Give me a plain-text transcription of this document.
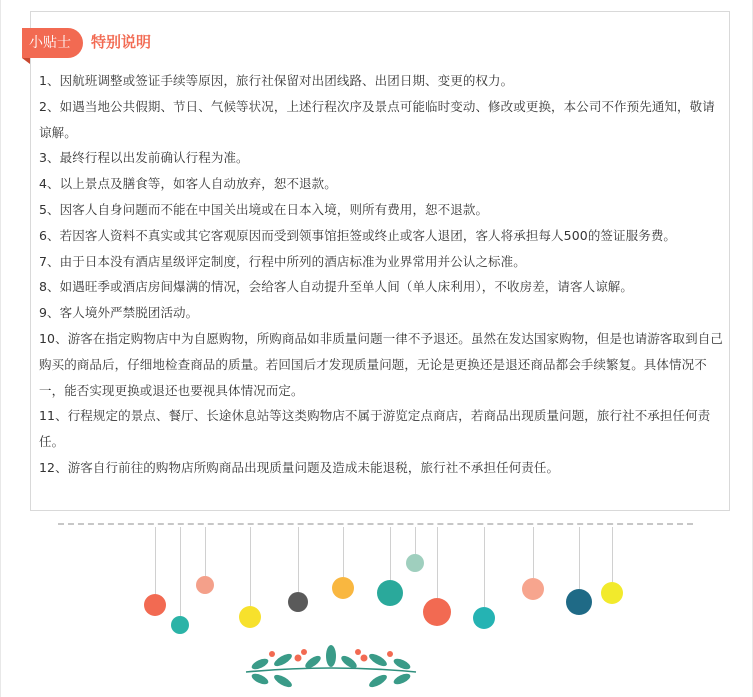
小贴士	特别说明
1、因航班调整或签证手续等原因，旅行社保留对出团线路、出团日期、变更的权力。
2、如遇当地公共假期、节日、气候等状况，上述行程次序及景点可能临时变动、修改或更换，本公司不作预先通知，敬请谅解。
3、最终行程以出发前确认行程为准。
4、以上景点及膳食等，如客人自动放弃，恕不退款。
5、因客人自身问题而不能在中国关出境或在日本入境，则所有费用，恕不退款。
6、若因客人资料不真实或其它客观原因而受到领事馆拒签或终止或客人退团，客人将承担每人500的签证服务费。
7、由于日本没有酒店星级评定制度，行程中所列的酒店标准为业界常用并公认之标准。
8、如遇旺季或酒店房间爆满的情况，会给客人自动提升至单人间（单人床利用），不收房差，请客人谅解。
9、客人境外严禁脱团活动。
10、游客在指定购物店中为自愿购物，所购商品如非质量问题一律不予退还。虽然在发达国家购物，但是也请游客取到自己购买的商品后，仔细地检查商品的质量。若回国后才发现质量问题，无论是更换还是退还商品都会手续繁复。具体情况不一，能否实现更换或退还也要视具体情况而定。
11、行程规定的景点、餐厅、长途休息站等这类购物店不属于游览定点商店，若商品出现质量问题，旅行社不承担任何责任。
12、游客自行前往的购物店所购商品出现质量问题及造成未能退税，旅行社不承担任何责任。
